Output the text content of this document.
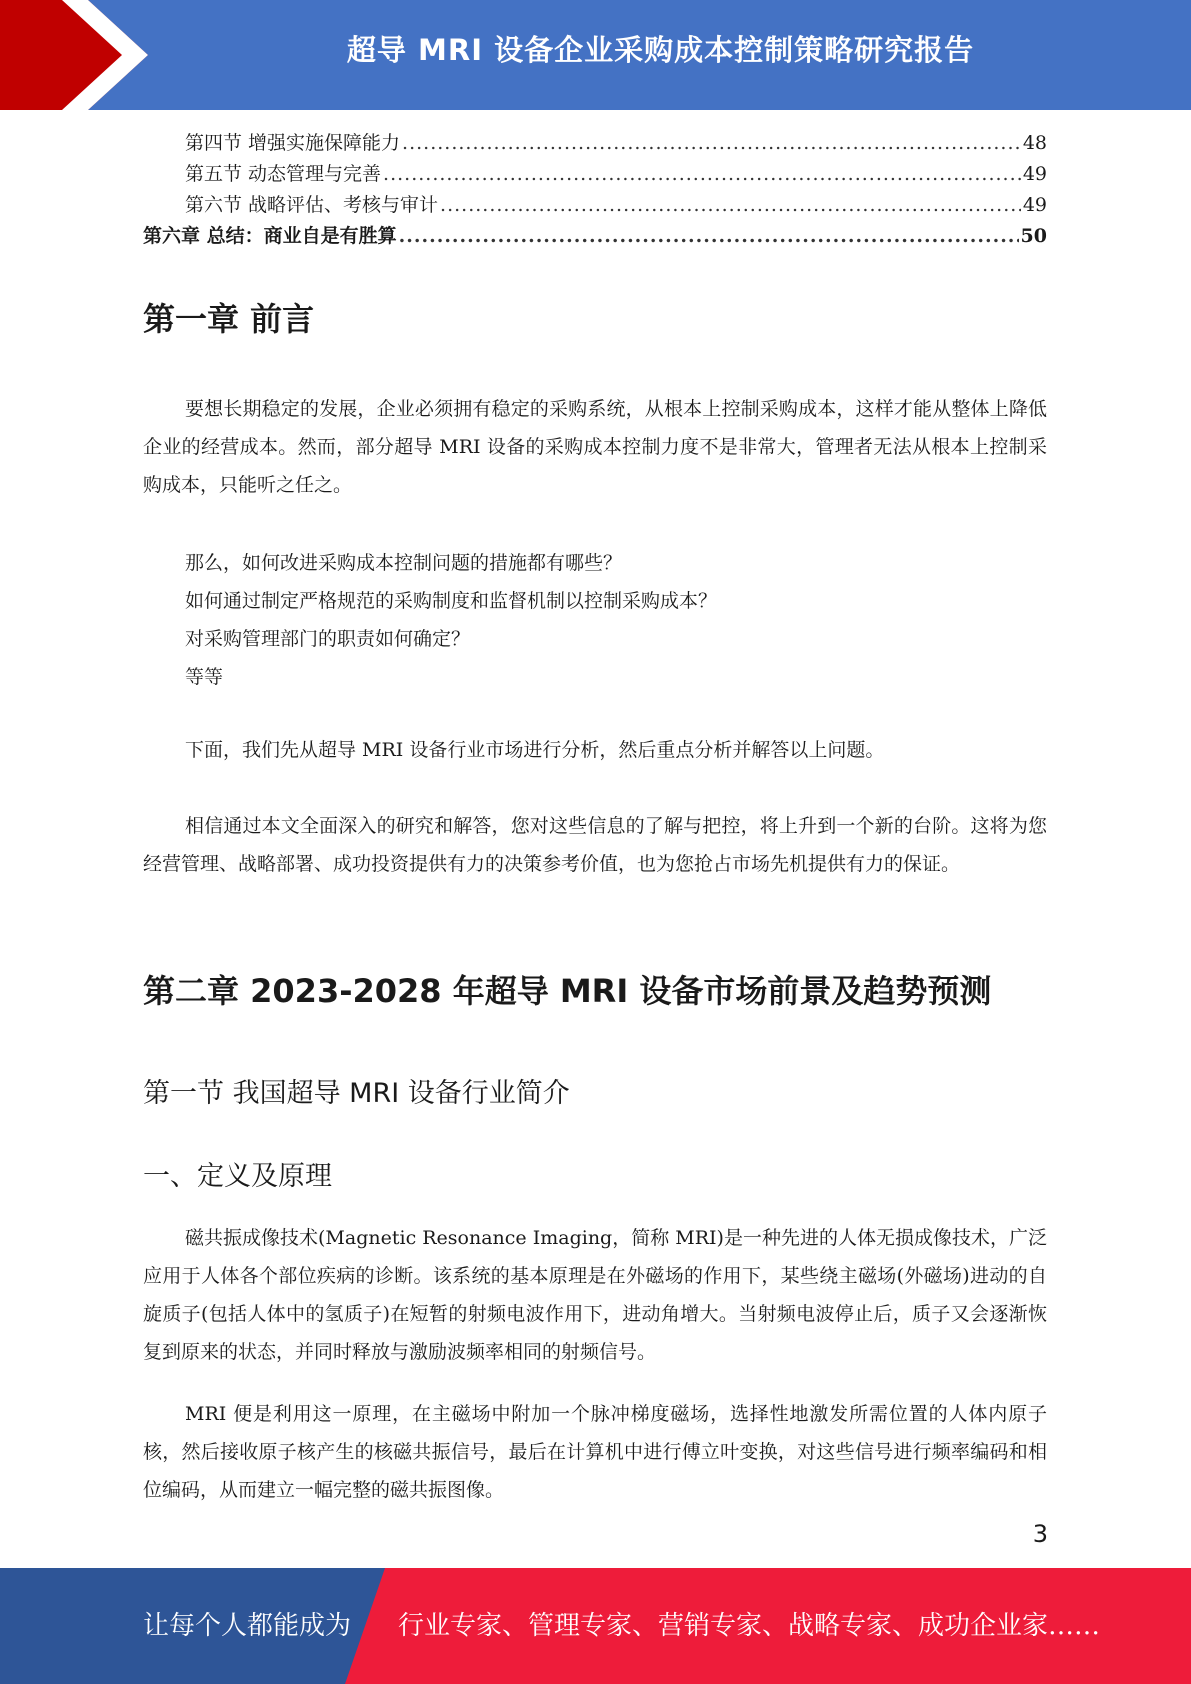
超导 MRI 设备企业采购成本控制策略研究报告
第四节 增强实施保障能力 .....	48
第五节 动态管理与完善 .....	49
第六节 战略评估、考核与审计 .....	49
第六章 总结：商业自是有胜算 .....	50
第一章 前言

要想长期稳定的发展，企业必须拥有稳定的采购系统，从根本上控制采购成本，这样才能从整体上降低企业的经营成本。然而，部分超导 MRI 设备的采购成本控制力度不是非常大，管理者无法从根本上控制采购成本，只能听之任之。

那么，如何改进采购成本控制问题的措施都有哪些？
如何通过制定严格规范的采购制度和监督机制以控制采购成本？
对采购管理部门的职责如何确定？
等等

下面，我们先从超导 MRI 设备行业市场进行分析，然后重点分析并解答以上问题。

相信通过本文全面深入的研究和解答，您对这些信息的了解与把控，将上升到一个新的台阶。这将为您经营管理、战略部署、成功投资提供有力的决策参考价值，也为您抢占市场先机提供有力的保证。

第二章 2023-2028 年超导 MRI 设备市场前景及趋势预测
第一节 我国超导 MRI 设备行业简介
一、定义及原理

磁共振成像技术(Magnetic Resonance Imaging，简称 MRI)是一种先进的人体无损成像技术，广泛应用于人体各个部位疾病的诊断。该系统的基本原理是在外磁场的作用下，某些绕主磁场(外磁场)进动的自旋质子(包括人体中的氢质子)在短暂的射频电波作用下，进动角增大。当射频电波停止后，质子又会逐渐恢复到原来的状态，并同时释放与激励波频率相同的射频信号。

MRI 便是利用这一原理，在主磁场中附加一个脉冲梯度磁场，选择性地激发所需位置的人体内原子核，然后接收原子核产生的核磁共振信号，最后在计算机中进行傅立叶变换，对这些信号进行频率编码和相位编码，从而建立一幅完整的磁共振图像。

3
让每个人都能成为 行业专家、管理专家、营销专家、战略专家、成功企业家……
